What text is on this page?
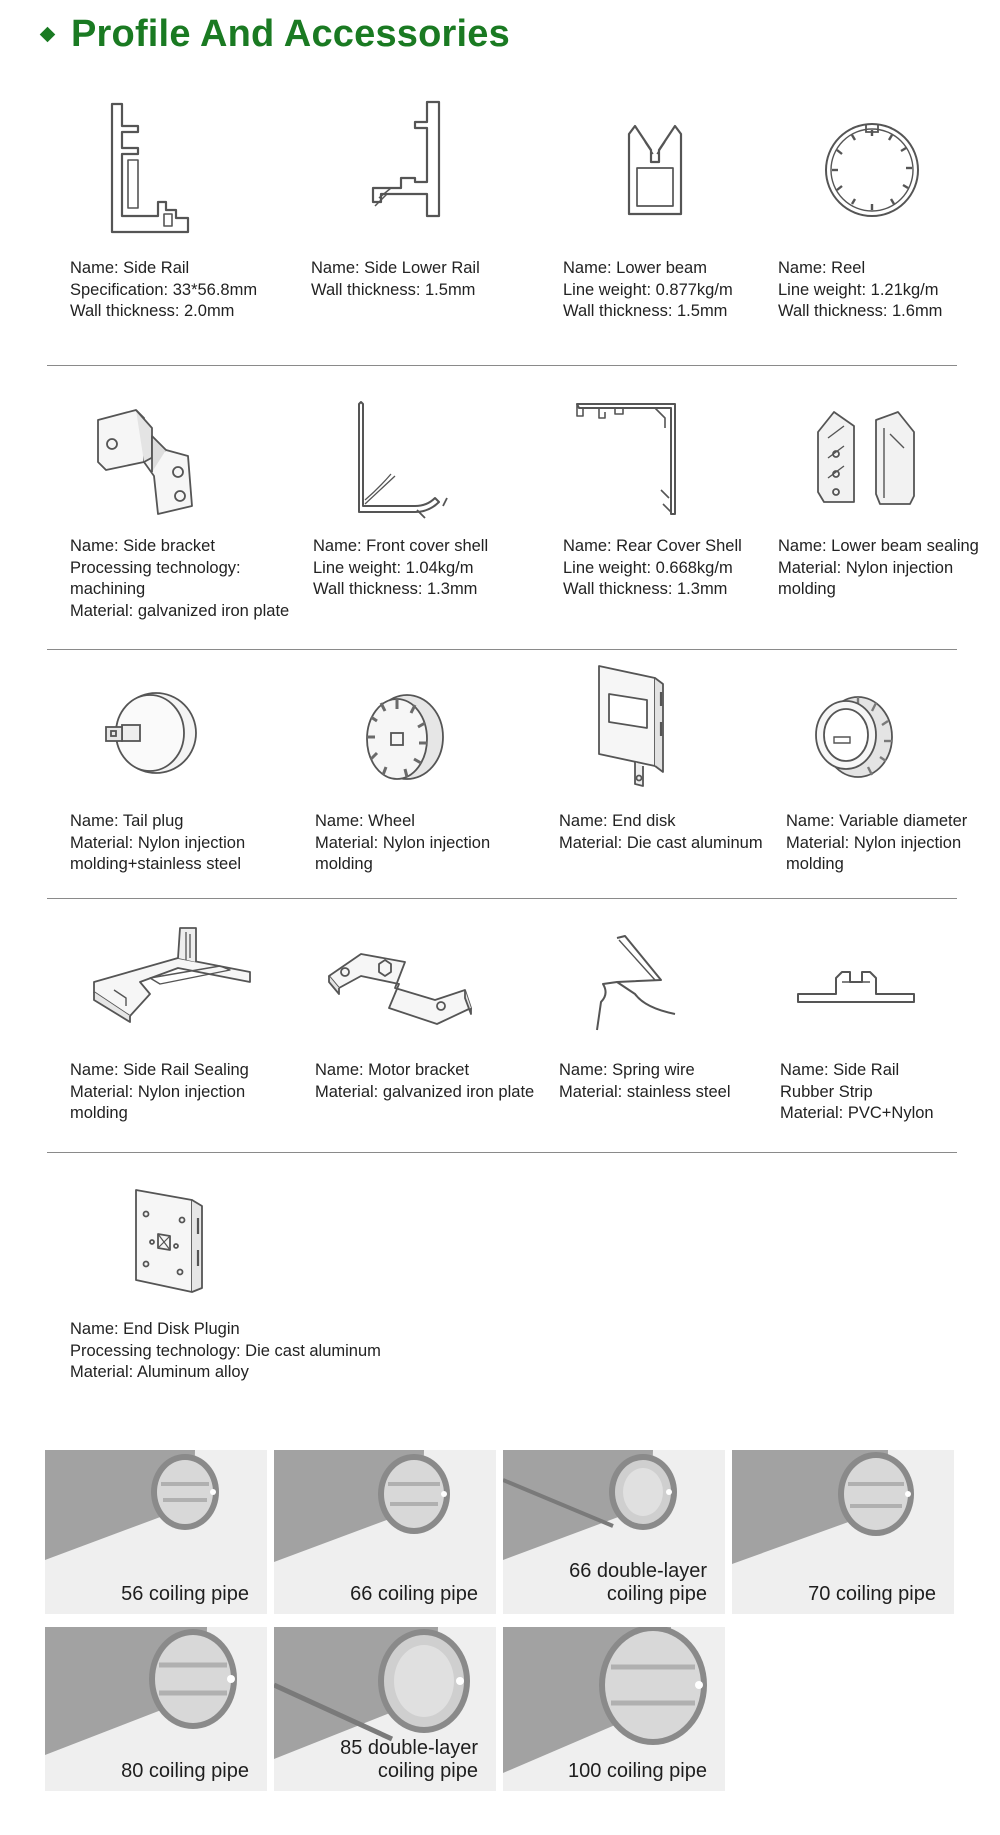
Profile And Accessories
Name: Side Rail
Specification: 33*56.8mm
Wall thickness: 2.0mm
Name: Side Lower Rail
Wall thickness: 1.5mm
Name: Lower beam
Line weight: 0.877kg/m
Wall thickness: 1.5mm
Name: Reel
Line weight: 1.21kg/m
Wall thickness: 1.6mm
Name: Side bracket
Processing technology:
machining
Material: galvanized iron plate
Name: Front cover shell
Line weight: 1.04kg/m
Wall thickness: 1.3mm
Name: Rear Cover Shell
Line weight: 0.668kg/m
Wall thickness: 1.3mm
Name: Lower beam sealing
Material: Nylon injection
molding
Name: Tail plug
Material: Nylon injection
molding+stainless steel
Name: Wheel
Material: Nylon injection
molding
Name: End disk
Material: Die cast aluminum
Name: Variable diameter
Material: Nylon injection
molding
Name: Side Rail Sealing
Material: Nylon injection
molding
Name: Motor bracket
Material: galvanized iron plate
Name: Spring wire
Material: stainless steel
Name: Side Rail
Rubber Strip
Material: PVC+Nylon
Name: End Disk Plugin
Processing technology: Die cast aluminum
Material: Aluminum alloy
56 coiling pipe	66 coiling pipe
66 double-layer
coiling pipe	70 coiling pipe
80 coiling pipe
85 double-layer
coiling pipe	100 coiling pipe
